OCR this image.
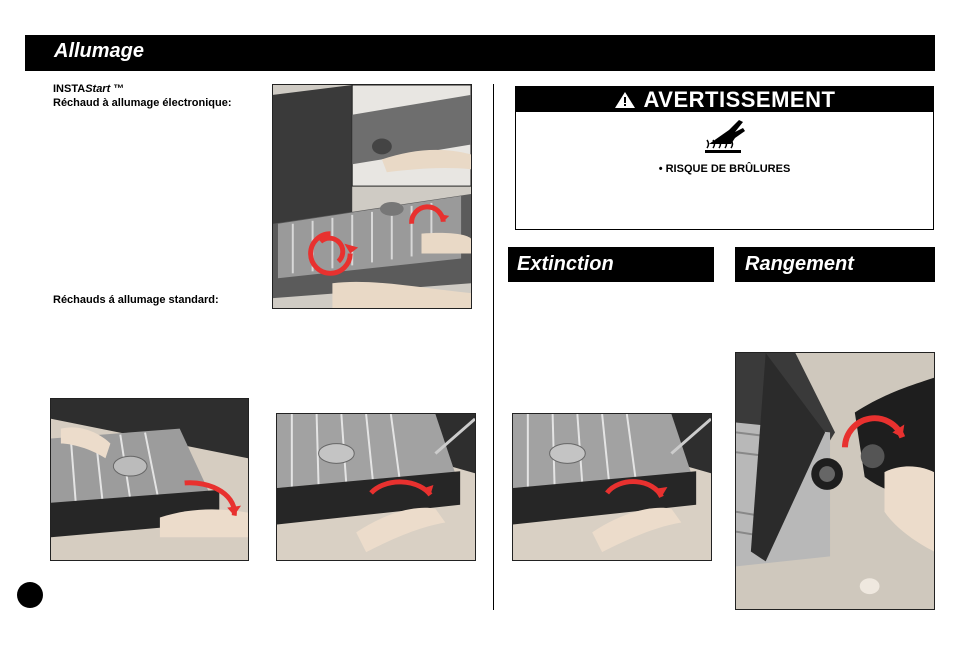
Allumage
INSTAStart ™
Réchaud à allumage électronique:
Réchauds á allumage standard:
AVERTISSEMENT
• RISQUE DE BRÛLURES
Extinction	Rangement
